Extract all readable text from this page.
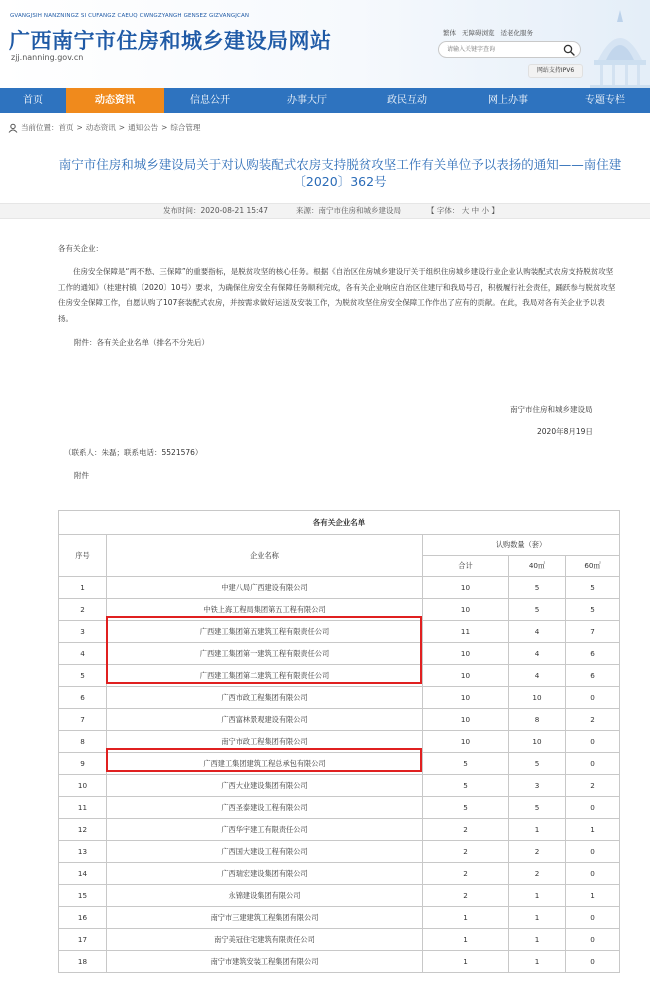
GVANGJSIH NANZNINGZ SI CUFANGZ CAEUQ CWNGZYANGH GENSEZ GIZVANGJCAN
广西南宁市住房和城乡建设局网站
zjj.nanning.gov.cn
繁体 无障碍浏览 适老化服务
请输入关键字查询
网站支持IPV6
首页	动态资讯	信息公开	办事大厅	政民互动	网上办事	专题专栏
当前位置： 首页 > 动态资讯 > 通知公告 > 综合管理
南宁市住房和城乡建设局关于对认购装配式农房支持脱贫攻坚工作有关单位予以表扬的通知——南住建
〔2020〕362号
发布时间：2020-08-21 15:47	来源：南宁市住房和城乡建设局	【 字体： 大 中 小 】
各有关企业：
住房安全保障是“两不愁、三保障”的重要指标，是脱贫攻坚的核心任务。根据《自治区住房城乡建设厅关于组织住房城乡建设行业企业认购装配式农房支持脱贫攻坚工作的通知》（桂建村镇〔2020〕10号）要求，为确保住房安全有保障任务顺利完成，各有关企业响应自治区住建厅和我局号召，积极履行社会责任，踊跃参与脱贫攻坚住房安全保障工作，自愿认购了107套装配式农房，并按需求做好运送及安装工作，为脱贫攻坚住房安全保障工作作出了应有的贡献。在此，我局对各有关企业予以表扬。
附件：各有关企业名单（排名不分先后）
南宁市住房和城乡建设局
2020年8月19日
（联系人：朱磊；联系电话：5521576）
附件
各有关企业名单				
序号	企业名称	认购数量（套）		
		合计	40㎡	60㎡
1	中建八局广西建设有限公司	10	5	5
2	中铁上海工程局集团第五工程有限公司	10	5	5
3	广西建工集团第五建筑工程有限责任公司	11	4	7
4	广西建工集团第一建筑工程有限责任公司	10	4	6
5	广西建工集团第二建筑工程有限责任公司	10	4	6
6	广西市政工程集团有限公司	10	10	0
7	广西富林景观建设有限公司	10	8	2
8	南宁市政工程集团有限公司	10	10	0
9	广西建工集团建筑工程总承包有限公司	5	5	0
10	广西大业建设集团有限公司	5	3	2
11	广西圣泰建设工程有限公司	5	5	0
12	广西华宇建工有限责任公司	2	1	1
13	广西国大建设工程有限公司	2	2	0
14	广西瑞宏建设集团有限公司	2	2	0
15	永锦建设集团有限公司	2	1	1
16	南宁市三建建筑工程集团有限公司	1	1	0
17	南宁美冠住宅建筑有限责任公司	1	1	0
18	南宁市建筑安装工程集团有限公司	1	1	0
